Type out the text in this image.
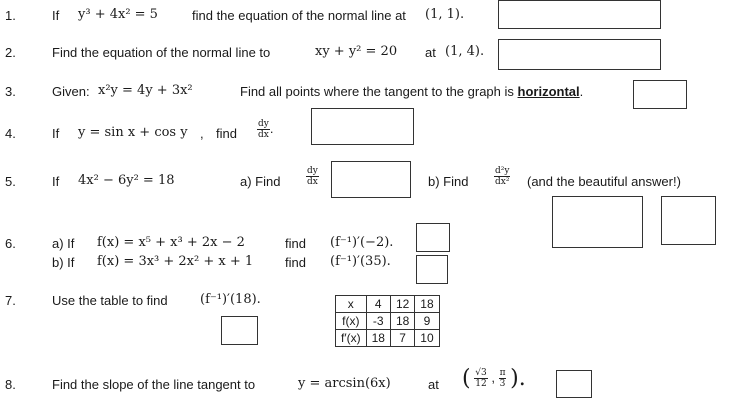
1.	If y³ + 4x² = 5	find the equation of the normal line at (1, 1).
2.	Find the equation of the normal line to	xy + y² = 20 at (1, 4).
3.	Given: x²y = 4y + 3x²	Find all points where the tangent to the graph is horizontal.
4.	If y = sin x + cos y , find $\frac{dy}{dx}$ .
5.	If 4x² − 6y² = 18	a) Find	$\frac{dy}{dx}$	b) Find	$\frac{\text{d²y}}{\text{dx²}} (and$ the beautiful answer!)
6.	a) If f(x) = x⁵ + x³ + 2x − 2	find (f⁻¹)′(−2).
b) If f(x) = 3x³ + 2x² + x + 1 find (f⁻¹)′(35).
7.	Use the table to find (f⁻¹)′(18).	x	4	12	18
f(x)	-3	18	9
f′(x)	18	7	10
8.	Find the slope of the line tangent to	y = arcsin(6x)	at ( $\frac{√3}{12}$ , $\frac{\pi}{3}$ ).
